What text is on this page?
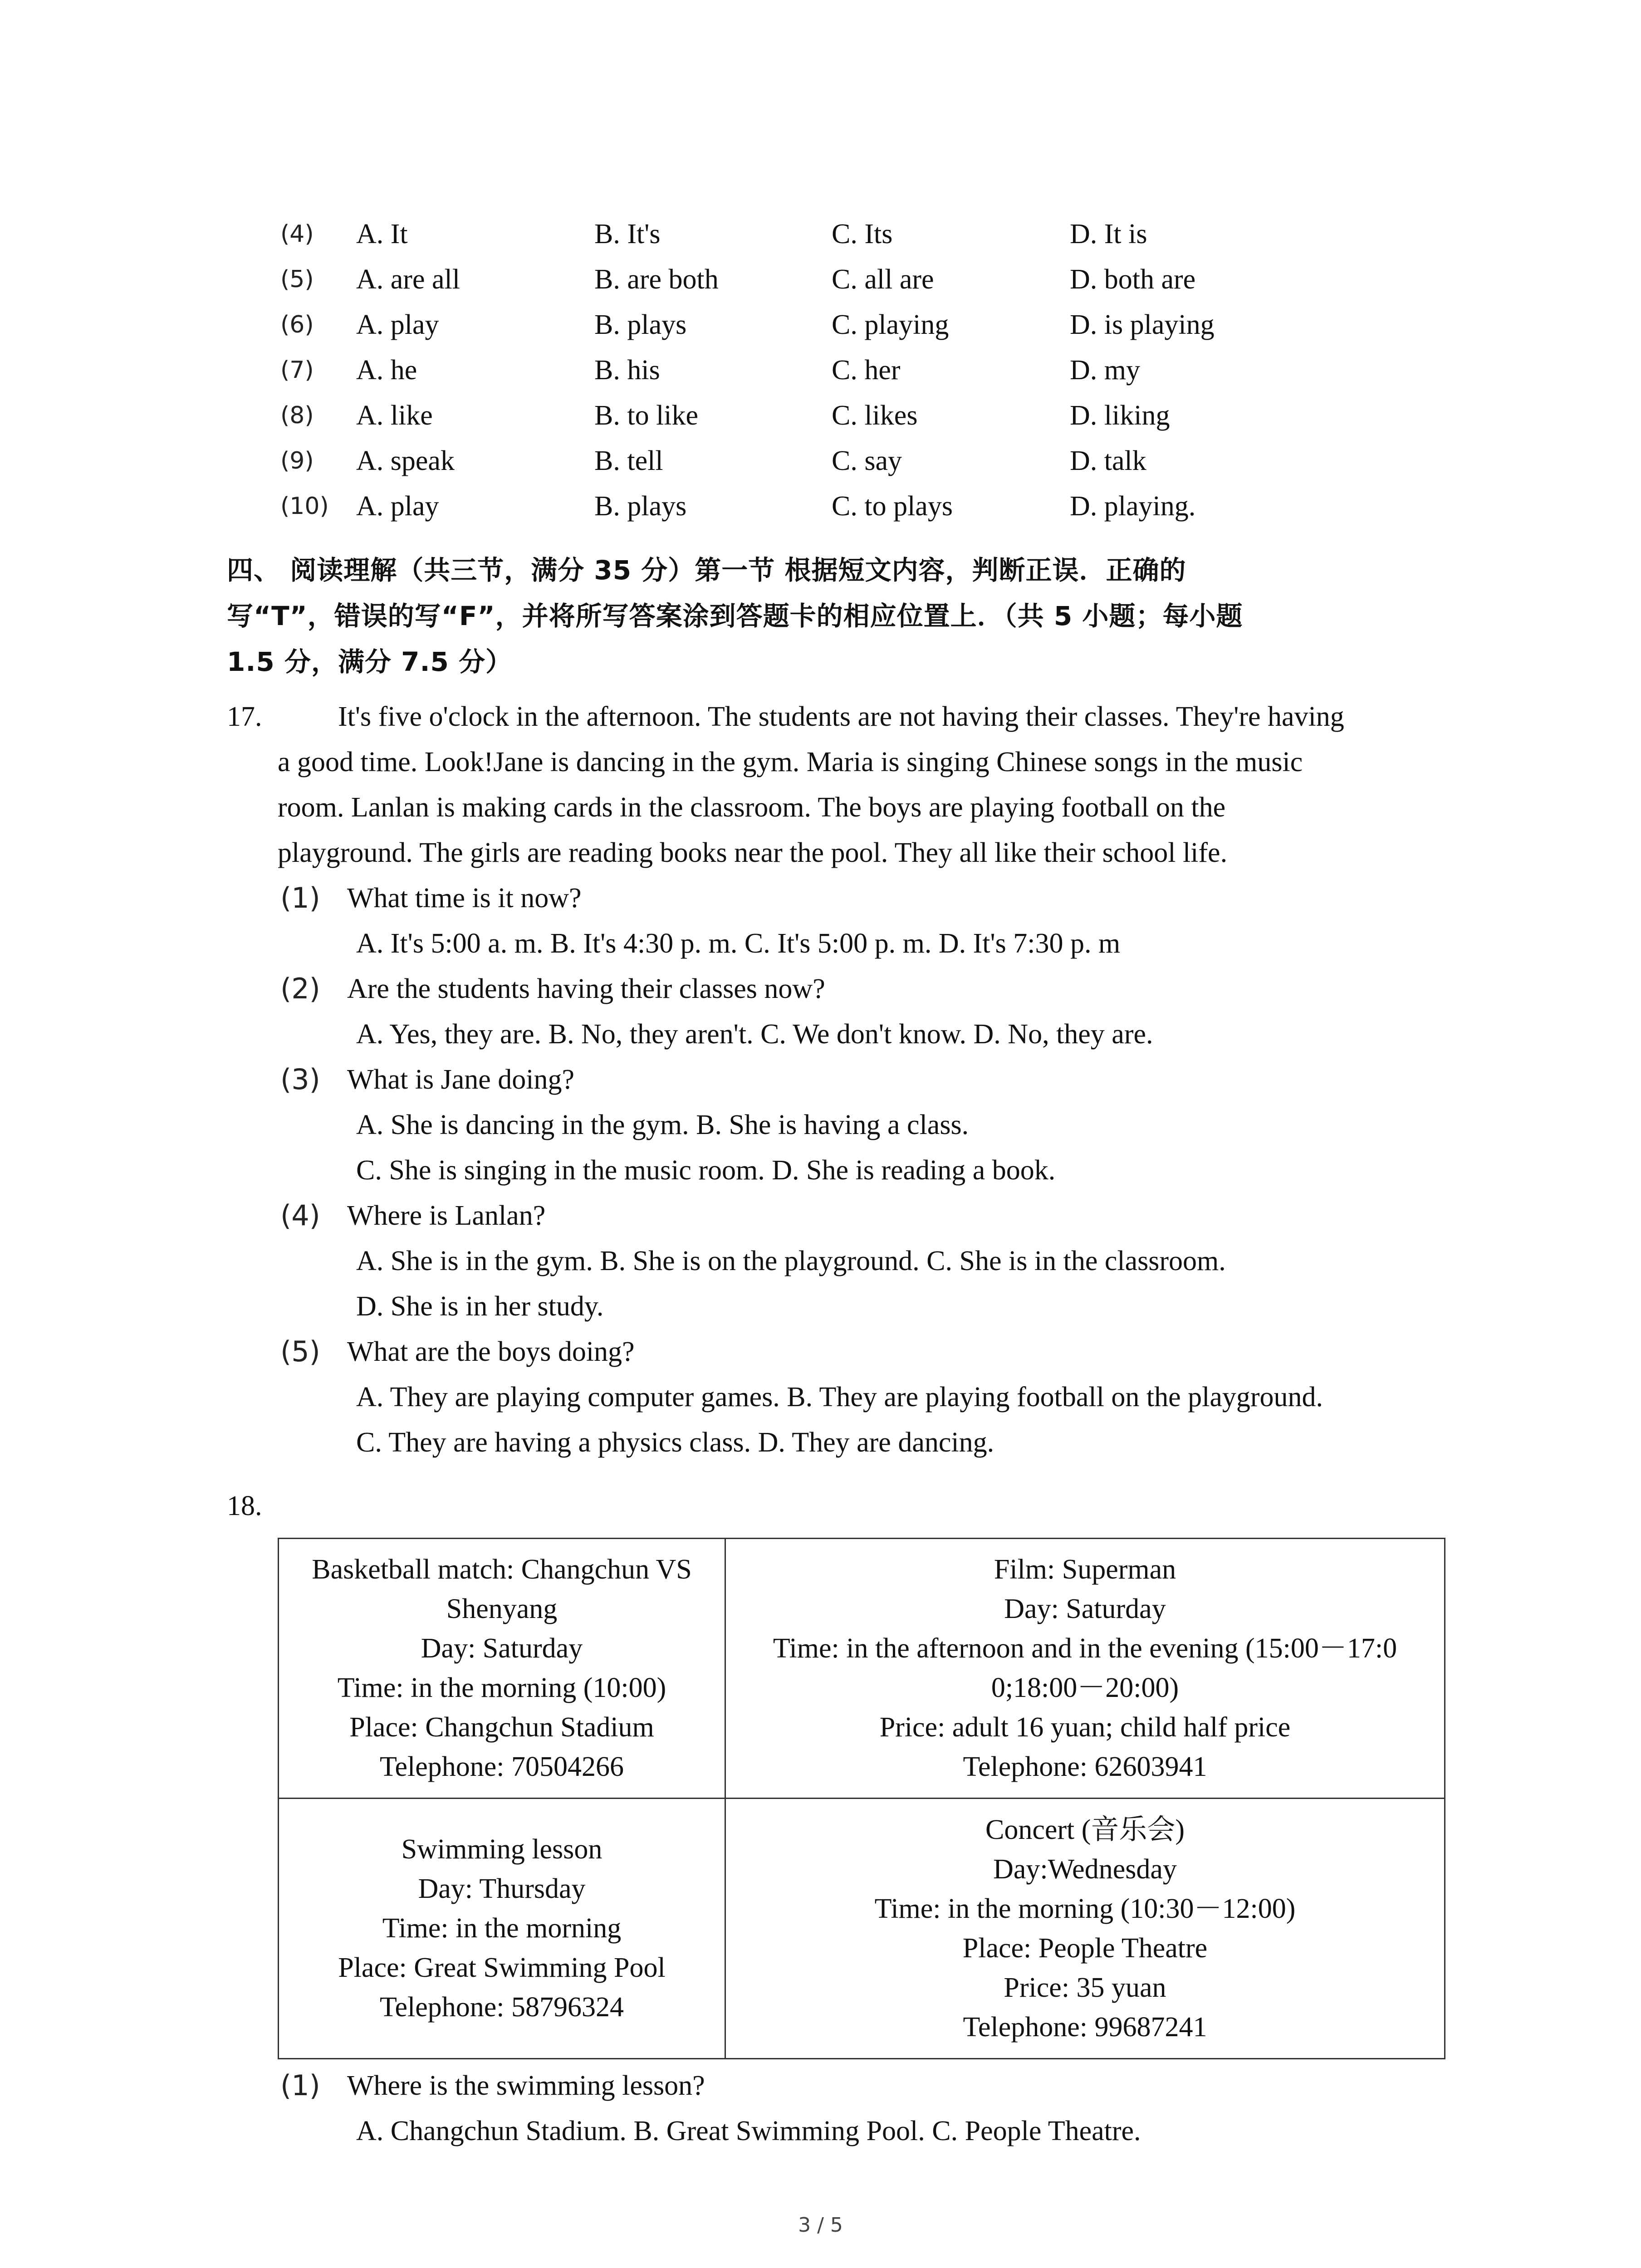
(4) A. It	B. It's	C. Its	D. It is
(5) A. are all	B. are both	C. all are	D. both are
(6) A. play	B. plays	C. playing	D. is playing
(7) A. he	B. his	C. her	D. my
(8) A. like	B. to like	C. likes	D. liking
(9) A. speak	B. tell	C. say	D. talk
(10) A. play	B. plays	C. to plays	D. playing.
四、 阅读理解（共三节，满分 35 分）第一节 根据短文内容，判断正误．正确的
写“T”，错误的写“F”，并将所写答案涂到答题卡的相应位置上．（共 5 小题；每小题
1.5 分，满分 7.5 分）
17.	It's five o'clock in the afternoon. The students are not having their classes. They're having
a good time. Look!Jane is dancing in the gym. Maria is singing Chinese songs in the music
room. Lanlan is making cards in the classroom. The boys are playing football on the
playground. The girls are reading books near the pool. They all like their school life.
(1) What time is it now?
A. It's 5:00 a. m. B. It's 4:30 p. m. C. It's 5:00 p. m. D. It's 7:30 p. m
(2) Are the students having their classes now?
A. Yes, they are. B. No, they aren't. C. We don't know. D. No, they are.
(3) What is Jane doing?
A. She is dancing in the gym. B. She is having a class.
C. She is singing in the music room. D. She is reading a book.
(4) Where is Lanlan?
A. She is in the gym. B. She is on the playground. C. She is in the classroom.
D. She is in her study.
(5) What are the boys doing?
A. They are playing computer games. B. They are playing football on the playground.
C. They are having a physics class. D. They are dancing.
18.
Basketball match: Changchun VS
Shenyang
Day: Saturday
Time: in the morning (10:00)
Place: Changchun Stadium
Telephone: 70504266
Film: Superman
Day: Saturday
Time: in the afternoon and in the evening (15:00－17:0
0;18:00－20:00)
Price: adult 16 yuan; child half price
Telephone: 62603941
Swimming lesson
Day: Thursday
Time: in the morning
Place: Great Swimming Pool
Telephone: 58796324
Concert (音乐会)
Day:Wednesday
Time: in the morning (10:30－12:00)
Place: People Theatre
Price: 35 yuan
Telephone: 99687241
(1) Where is the swimming lesson?
A. Changchun Stadium. B. Great Swimming Pool. C. People Theatre.
3 / 5
